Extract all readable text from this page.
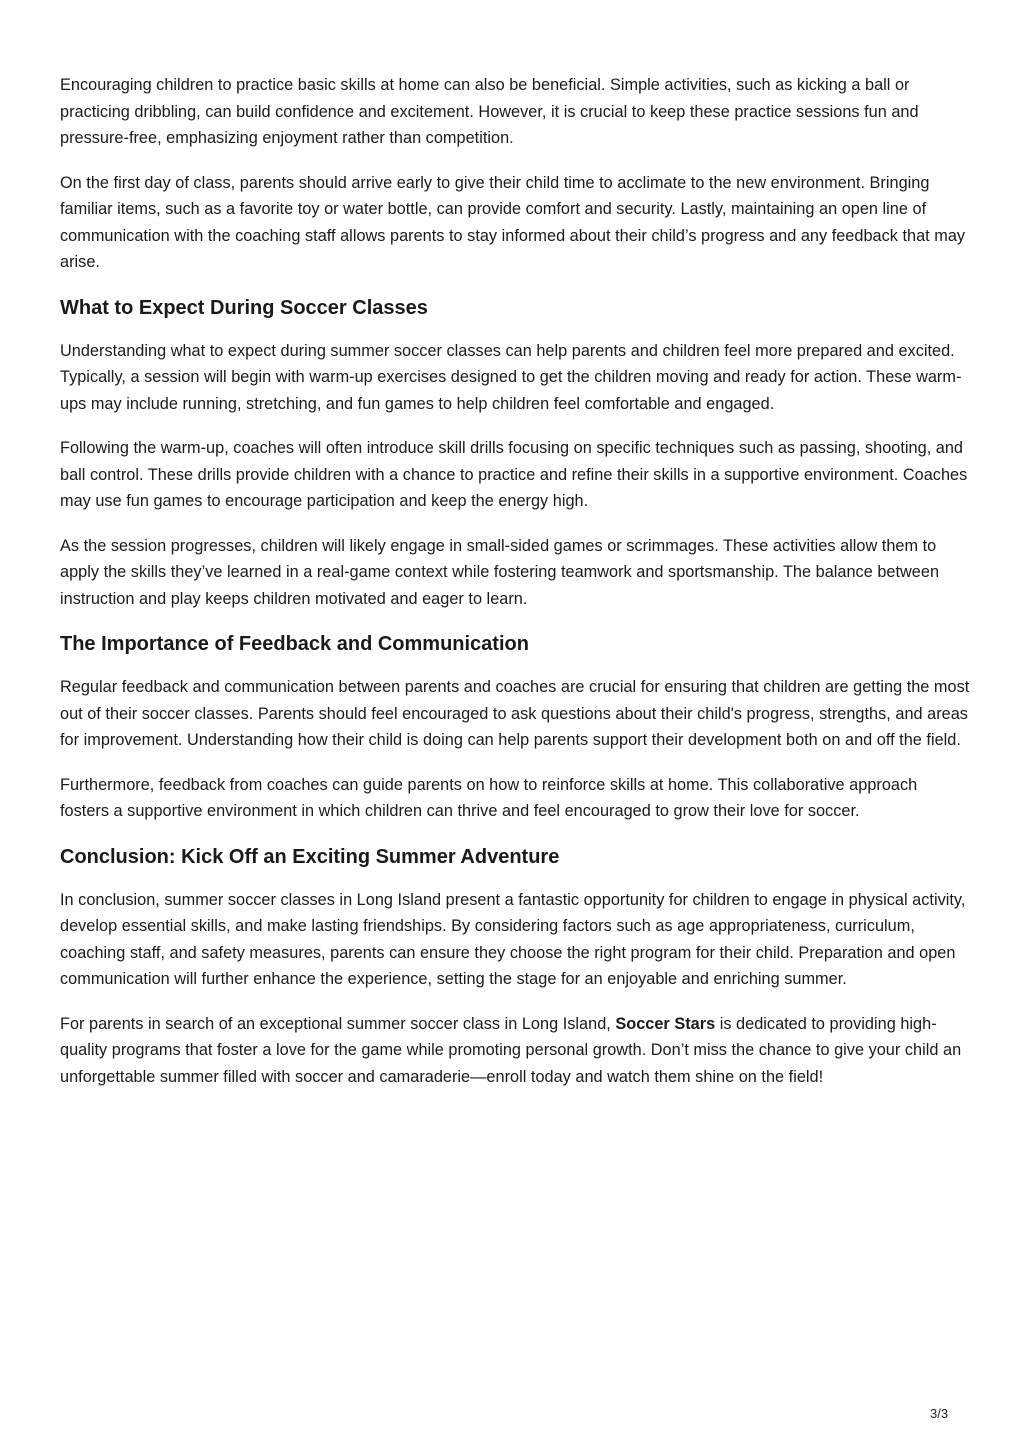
Encouraging children to practice basic skills at home can also be beneficial. Simple activities, such as kicking a ball or practicing dribbling, can build confidence and excitement. However, it is crucial to keep these practice sessions fun and pressure-free, emphasizing enjoyment rather than competition.

On the first day of class, parents should arrive early to give their child time to acclimate to the new environment. Bringing familiar items, such as a favorite toy or water bottle, can provide comfort and security. Lastly, maintaining an open line of communication with the coaching staff allows parents to stay informed about their child’s progress and any feedback that may arise.

What to Expect During Soccer Classes

Understanding what to expect during summer soccer classes can help parents and children feel more prepared and excited. Typically, a session will begin with warm-up exercises designed to get the children moving and ready for action. These warm-ups may include running, stretching, and fun games to help children feel comfortable and engaged.

Following the warm-up, coaches will often introduce skill drills focusing on specific techniques such as passing, shooting, and ball control. These drills provide children with a chance to practice and refine their skills in a supportive environment. Coaches may use fun games to encourage participation and keep the energy high.

As the session progresses, children will likely engage in small-sided games or scrimmages. These activities allow them to apply the skills they’ve learned in a real-game context while fostering teamwork and sportsmanship. The balance between instruction and play keeps children motivated and eager to learn.

The Importance of Feedback and Communication

Regular feedback and communication between parents and coaches are crucial for ensuring that children are getting the most out of their soccer classes. Parents should feel encouraged to ask questions about their child's progress, strengths, and areas for improvement. Understanding how their child is doing can help parents support their development both on and off the field.

Furthermore, feedback from coaches can guide parents on how to reinforce skills at home. This collaborative approach fosters a supportive environment in which children can thrive and feel encouraged to grow their love for soccer.

Conclusion: Kick Off an Exciting Summer Adventure

In conclusion, summer soccer classes in Long Island present a fantastic opportunity for children to engage in physical activity, develop essential skills, and make lasting friendships. By considering factors such as age appropriateness, curriculum, coaching staff, and safety measures, parents can ensure they choose the right program for their child. Preparation and open communication will further enhance the experience, setting the stage for an enjoyable and enriching summer.

For parents in search of an exceptional summer soccer class in Long Island, Soccer Stars is dedicated to providing high-quality programs that foster a love for the game while promoting personal growth. Don’t miss the chance to give your child an unforgettable summer filled with soccer and camaraderie—enroll today and watch them shine on the field!

3/3
